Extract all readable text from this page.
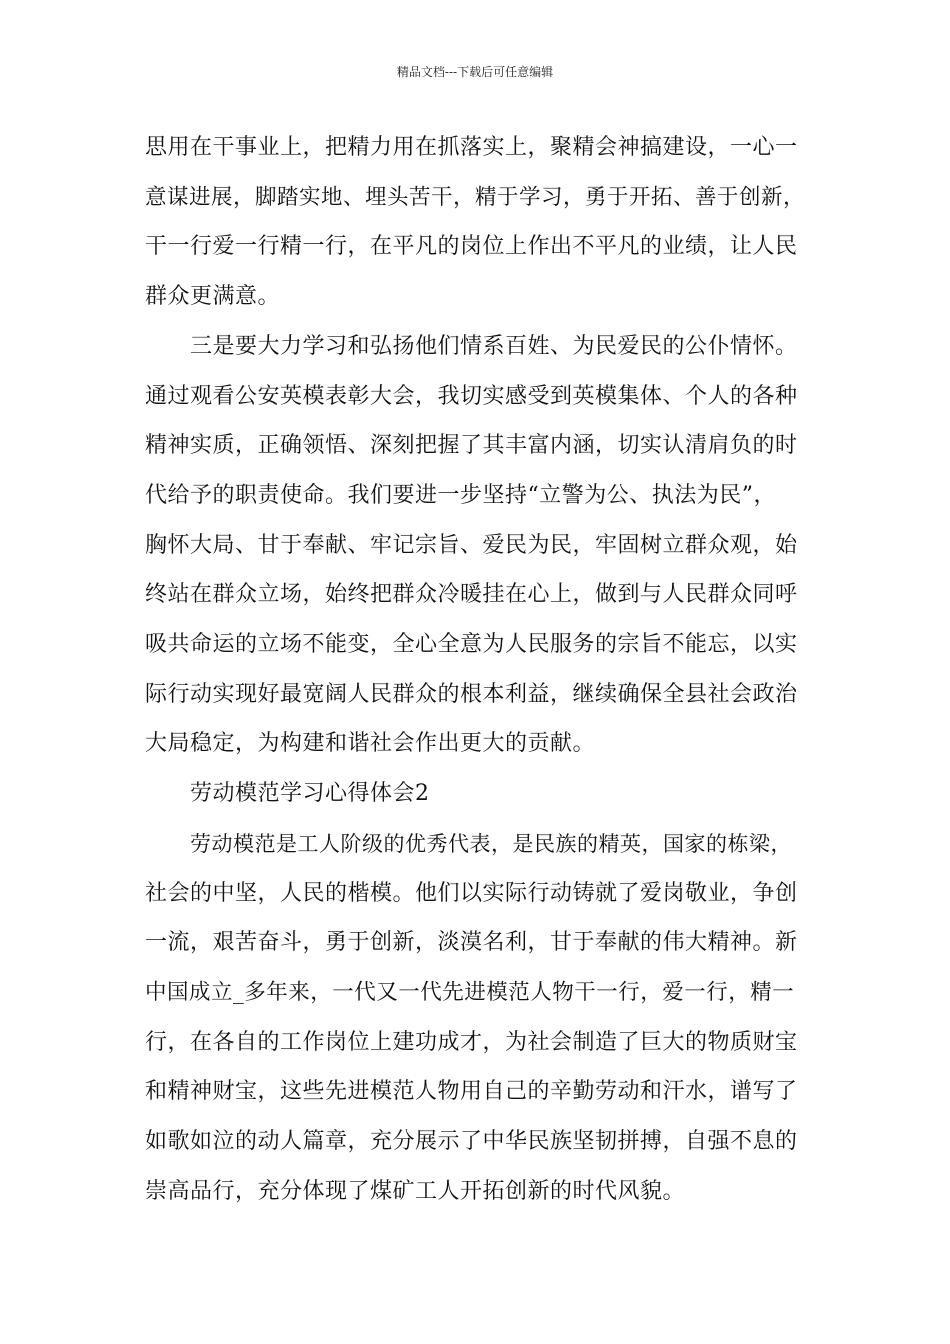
精品文档---下载后可任意编辑
思用在干事业上，把精力用在抓落实上，聚精会神搞建设，一心一
意谋进展，脚踏实地、埋头苦干，精于学习，勇于开拓、善于创新，
干一行爱一行精一行，在平凡的岗位上作出不平凡的业绩，让人民
群众更满意。
三是要大力学习和弘扬他们情系百姓、为民爱民的公仆情怀。
通过观看公安英模表彰大会，我切实感受到英模集体、个人的各种
精神实质，正确领悟、深刻把握了其丰富内涵，切实认清肩负的时
代给予的职责使命。我们要进一步坚持“立警为公、执法为民”，
胸怀大局、甘于奉献、牢记宗旨、爱民为民，牢固树立群众观，始
终站在群众立场，始终把群众冷暖挂在心上，做到与人民群众同呼
吸共命运的立场不能变，全心全意为人民服务的宗旨不能忘，以实
际行动实现好最宽阔人民群众的根本利益，继续确保全县社会政治
大局稳定，为构建和谐社会作出更大的贡献。
劳动模范学习心得体会2
劳动模范是工人阶级的优秀代表，是民族的精英，国家的栋梁，
社会的中坚，人民的楷模。他们以实际行动铸就了爱岗敬业，争创
一流，艰苦奋斗，勇于创新，淡漠名利，甘于奉献的伟大精神。新
中国成立_多年来，一代又一代先进模范人物干一行，爱一行，精一
行，在各自的工作岗位上建功成才，为社会制造了巨大的物质财宝
和精神财宝，这些先进模范人物用自己的辛勤劳动和汗水，谱写了
如歌如泣的动人篇章，充分展示了中华民族坚韧拼搏，自强不息的
崇高品行，充分体现了煤矿工人开拓创新的时代风貌。
